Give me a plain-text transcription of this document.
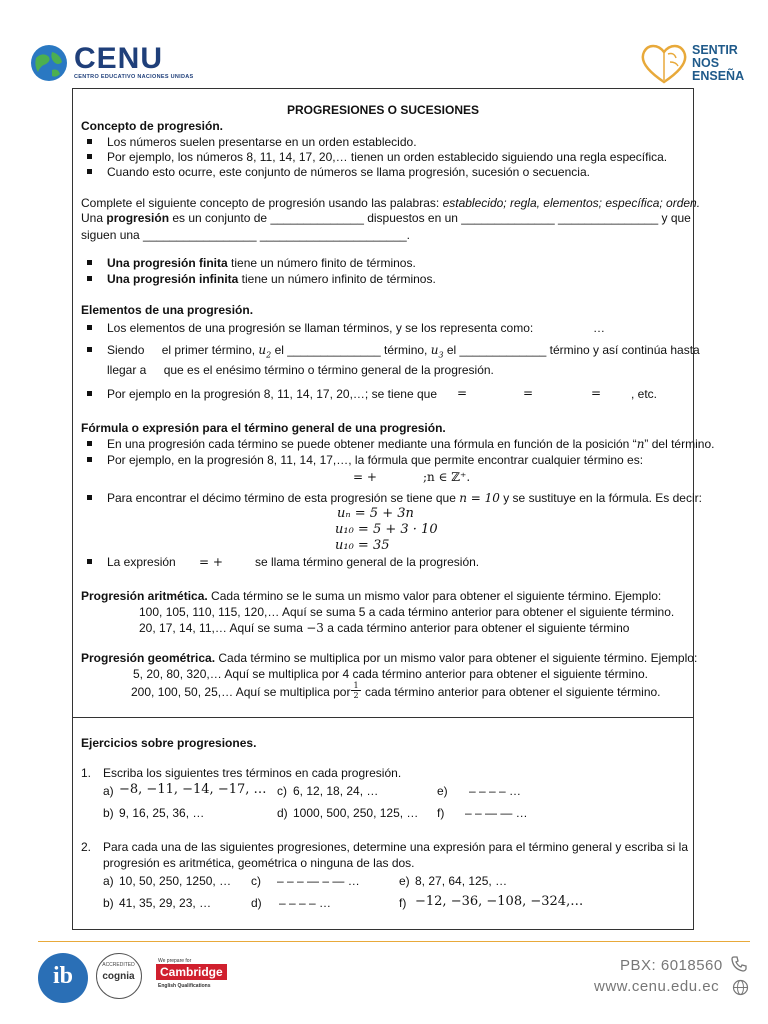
CENU
CENTRO EDUCATIVO NACIONES UNIDAS
SENTIR
NOS
ENSEÑA
PROGRESIONES O SUCESIONES
Concepto de progresión.
Los números suelen presentarse en un orden establecido.
Por ejemplo, los números 8, 11, 14, 17, 20,… tienen un orden establecido siguiendo una regla específica.
Cuando esto ocurre, este conjunto de números se llama progresión, sucesión o secuencia.
Complete el siguiente concepto de progresión usando las palabras: establecido; regla, elementos; específica; orden.
Una progresión es un conjunto de ______________ dispuestos en un ______________ _______________ y que
siguen una _________________ ______________________.
Una progresión finita tiene un número finito de términos.
Una progresión infinita tiene un número infinito de términos.
Elementos de una progresión.
Los elementos de una progresión se llaman términos, y se los representa como:	…
Siendo el primer término, $u_2$ el ______________ término, $u_3$ el _____________ término y así continúa hasta
llegar a que es el enésimo término o término general de la progresión.
Por ejemplo en la progresión 8, 11, 14, 17, 20,…; se tiene que =	=	= , etc.
Fórmula o expresión para el término general de una progresión.
En una progresión cada término se puede obtener mediante una fórmula en función de la posición “n” del término.
Por ejemplo, en la progresión 8, 11, 14, 17,…, la fórmula que permite encontrar cualquier término es:
= +	;n ∈ ℤ⁺.
Para encontrar el décimo término de esta progresión se tiene que n = 10 y se sustituye en la fórmula. Es decir:
uₙ = 5 + 3n
u₁₀ = 5 + 3 · 10
u₁₀ = 35
La expresión = +	se llama término general de la progresión.
Progresión aritmética. Cada término se le suma un mismo valor para obtener el siguiente término. Ejemplo:
100, 105, 110, 115, 120,… Aquí se suma 5 a cada término anterior para obtener el siguiente término.
20, 17, 14, 11,… Aquí se suma −3 a cada término anterior para obtener el siguiente término
Progresión geométrica. Cada término se multiplica por un mismo valor para obtener el siguiente término. Ejemplo:
5, 20, 80, 320,… Aquí se multiplica por 4 cada término anterior para obtener el siguiente término.
200, 100, 50, 25,… Aquí se multiplica por $\frac{1}{2}$ cada término anterior para obtener el siguiente término.
Ejercicios sobre progresiones.
1. Escriba los siguientes tres términos en cada progresión.
a) −8, −11, −14, −17, … c) 6, 12, 18, 24, …	e) – – – – …
b) 9, 16, 25, 36, …	d) 1000, 500, 250, 125, … f) – – — — …
2. Para cada una de las siguientes progresiones, determine una expresión para el término general y escriba si la
progresión es aritmética, geométrica o ninguna de las dos.
a) 10, 50, 250, 1250, … c) – – – — – — …	e) 8, 27, 64, 125, …
b) 41, 35, 29, 23, …	d) – – – – …	f) −12, −36, −108, −324,…
ib	ACCREDITED
cognia
We prepare for
Cambridge
English Qualifications
PBX: 6018560
www.cenu.edu.ec
